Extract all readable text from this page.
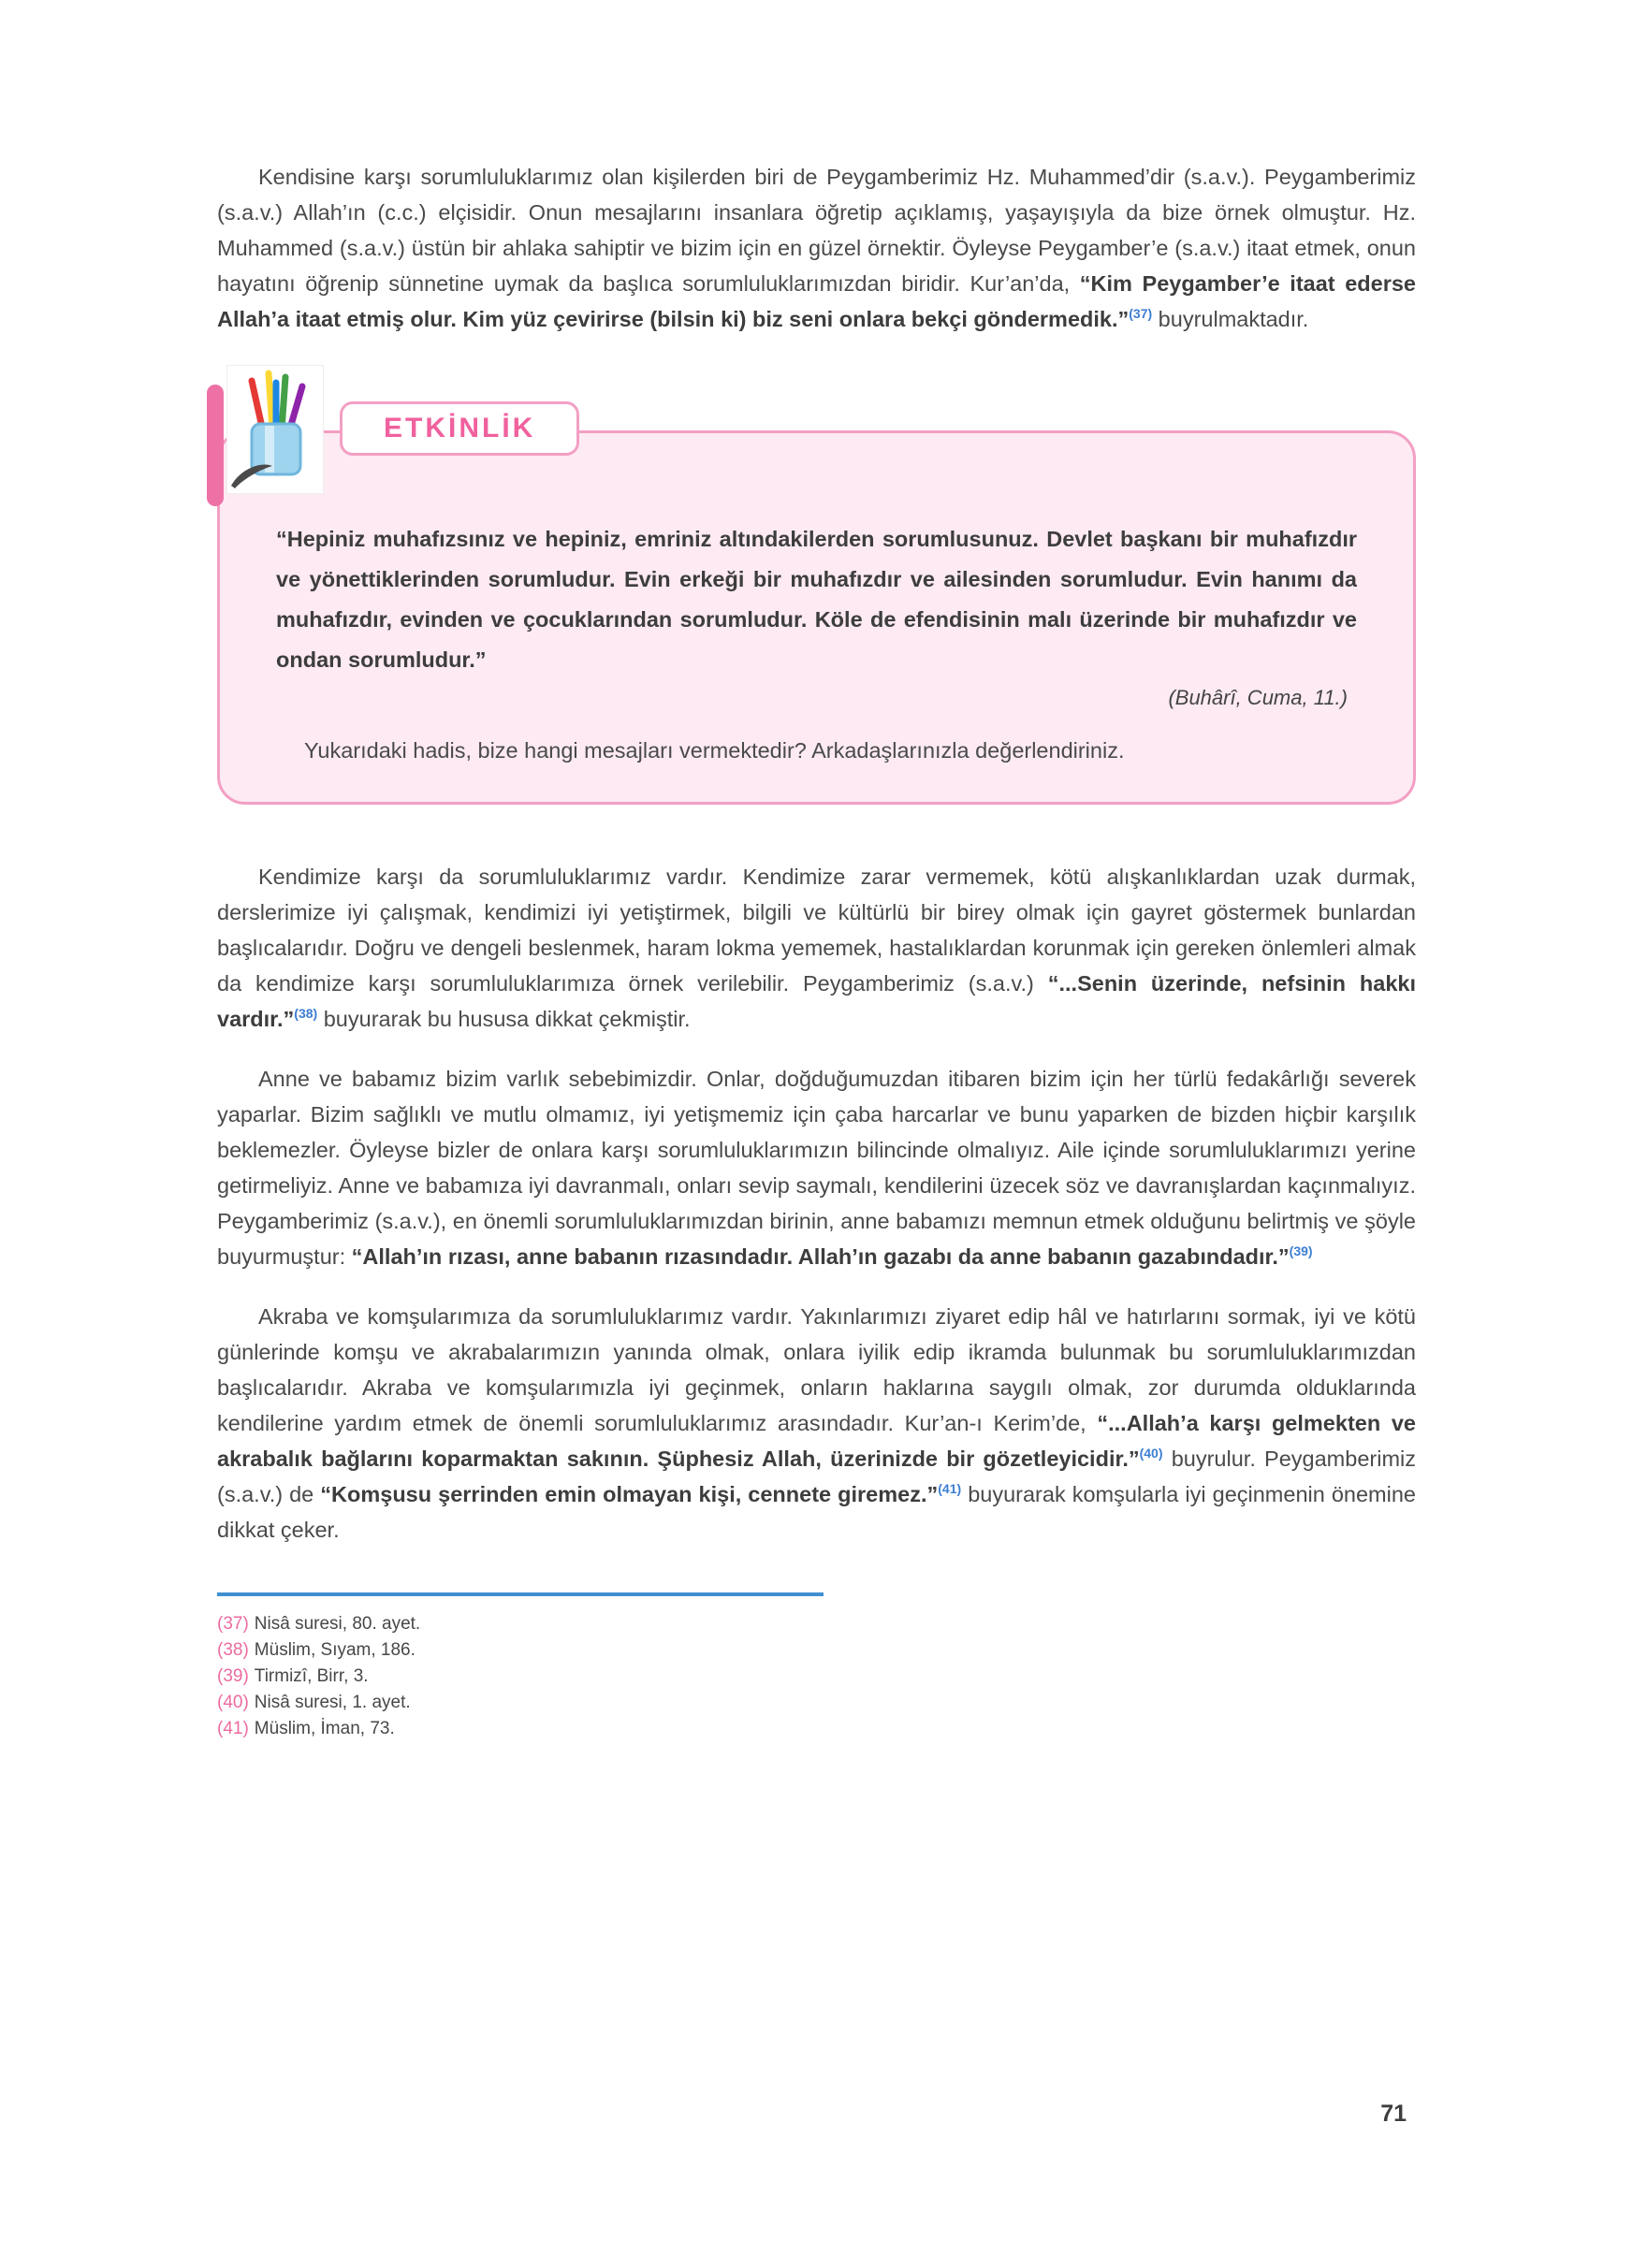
Kendisine karşı sorumluluklarımız olan kişilerden biri de Peygamberimiz Hz. Muhammed’dir (s.a.v.). Peygamberimiz (s.a.v.) Allah’ın (c.c.) elçisidir. Onun mesajlarını insanlara öğretip açıklamış, yaşayışıyla da bize örnek olmuştur. Hz. Muhammed (s.a.v.) üstün bir ahlaka sahiptir ve bizim için en güzel örnektir. Öyleyse Peygamber’e (s.a.v.) itaat etmek, onun hayatını öğrenip sünnetine uymak da başlıca sorumluluklarımızdan biridir. Kur’an’da, “Kim Peygamber’e itaat ederse Allah’a itaat etmiş olur. Kim yüz çevirirse (bilsin ki) biz seni onlara bekçi göndermedik.”$^{(37)}$ buyrulmaktadır.

ETKİNLİK

“Hepiniz muhafızsınız ve hepiniz, emriniz altındakilerden sorumlusunuz. Devlet başkanı bir muhafızdır ve yönettiklerinden sorumludur. Evin erkeği bir muhafızdır ve ailesinden sorumludur. Evin hanımı da muhafızdır, evinden ve çocuklarından sorumludur. Köle de efendisinin malı üzerinde bir muhafızdır ve ondan sorumludur.”

(Buhârî, Cuma, 11.)

Yukarıdaki hadis, bize hangi mesajları vermektedir? Arkadaşlarınızla değerlendiriniz.

Kendimize karşı da sorumluluklarımız vardır. Kendimize zarar vermemek, kötü alışkanlıklardan uzak durmak, derslerimize iyi çalışmak, kendimizi iyi yetiştirmek, bilgili ve kültürlü bir birey olmak için gayret göstermek bunlardan başlıcalarıdır. Doğru ve dengeli beslenmek, haram lokma yememek, hastalıklardan korunmak için gereken önlemleri almak da kendimize karşı sorumluluklarımıza örnek verilebilir. Peygamberimiz (s.a.v.) “...Senin üzerinde, nefsinin hakkı vardır.”$^{(38)}$ buyurarak bu hususa dikkat çekmiştir.

Anne ve babamız bizim varlık sebebimizdir. Onlar, doğduğumuzdan itibaren bizim için her türlü fedakârlığı severek yaparlar. Bizim sağlıklı ve mutlu olmamız, iyi yetişmemiz için çaba harcarlar ve bunu yaparken de bizden hiçbir karşılık beklemezler. Öyleyse bizler de onlara karşı sorumluluklarımızın bilincinde olmalıyız. Aile içinde sorumluluklarımızı yerine getirmeliyiz. Anne ve babamıza iyi davranmalı, onları sevip saymalı, kendilerini üzecek söz ve davranışlardan kaçınmalıyız. Peygamberimiz (s.a.v.), en önemli sorumluluklarımızdan birinin, anne babamızı memnun etmek olduğunu belirtmiş ve şöyle buyurmuştur: “Allah’ın rızası, anne babanın rızasındadır. Allah’ın gazabı da anne babanın gazabındadır.”$^{(39)}$

Akraba ve komşularımıza da sorumluluklarımız vardır. Yakınlarımızı ziyaret edip hâl ve hatırlarını sormak, iyi ve kötü günlerinde komşu ve akrabalarımızın yanında olmak, onlara iyilik edip ikramda bulunmak bu sorumluluklarımızdan başlıcalarıdır. Akraba ve komşularımızla iyi geçinmek, onların haklarına saygılı olmak, zor durumda olduklarında kendilerine yardım etmek de önemli sorumluluklarımız arasındadır. Kur’an-ı Kerim’de, “...Allah’a karşı gelmekten ve akrabalık bağlarını koparmaktan sakının. Şüphesiz Allah, üzerinizde bir gözetleyicidir.”$^{(40)}$ buyrulur. Peygamberimiz (s.a.v.) de “Komşusu şerrinden emin olmayan kişi, cennete giremez.”$^{(41)}$ buyurarak komşularla iyi geçinmenin önemine dikkat çeker.

(37) Nisâ suresi, 80. ayet.
(38) Müslim, Sıyam, 186.
(39) Tirmizî, Birr, 3.
(40) Nisâ suresi, 1. ayet.
(41) Müslim, İman, 73.
71
